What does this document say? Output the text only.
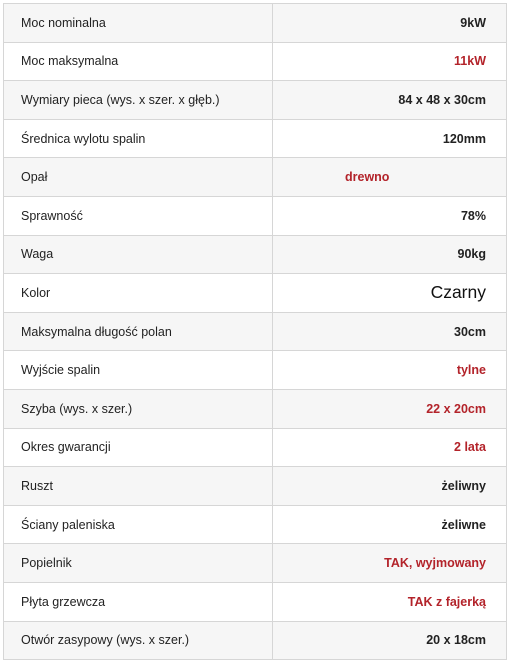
Moc nominalna	9kW
Moc maksymalna	11kW
Wymiary pieca (wys. x szer. x głęb.)	84 x 48 x 30cm
Średnica wylotu spalin	120mm
Opał	drewno
Sprawność	78%
Waga	90kg
Kolor	Czarny
Maksymalna długość polan	30cm
Wyjście spalin	tylne
Szyba (wys. x szer.)	22 x 20cm
Okres gwarancji	2 lata
Ruszt	żeliwny
Ściany paleniska	żeliwne
Popielnik	TAK, wyjmowany
Płyta grzewcza	TAK z fajerką
Otwór zasypowy (wys. x szer.)	20 x 18cm
